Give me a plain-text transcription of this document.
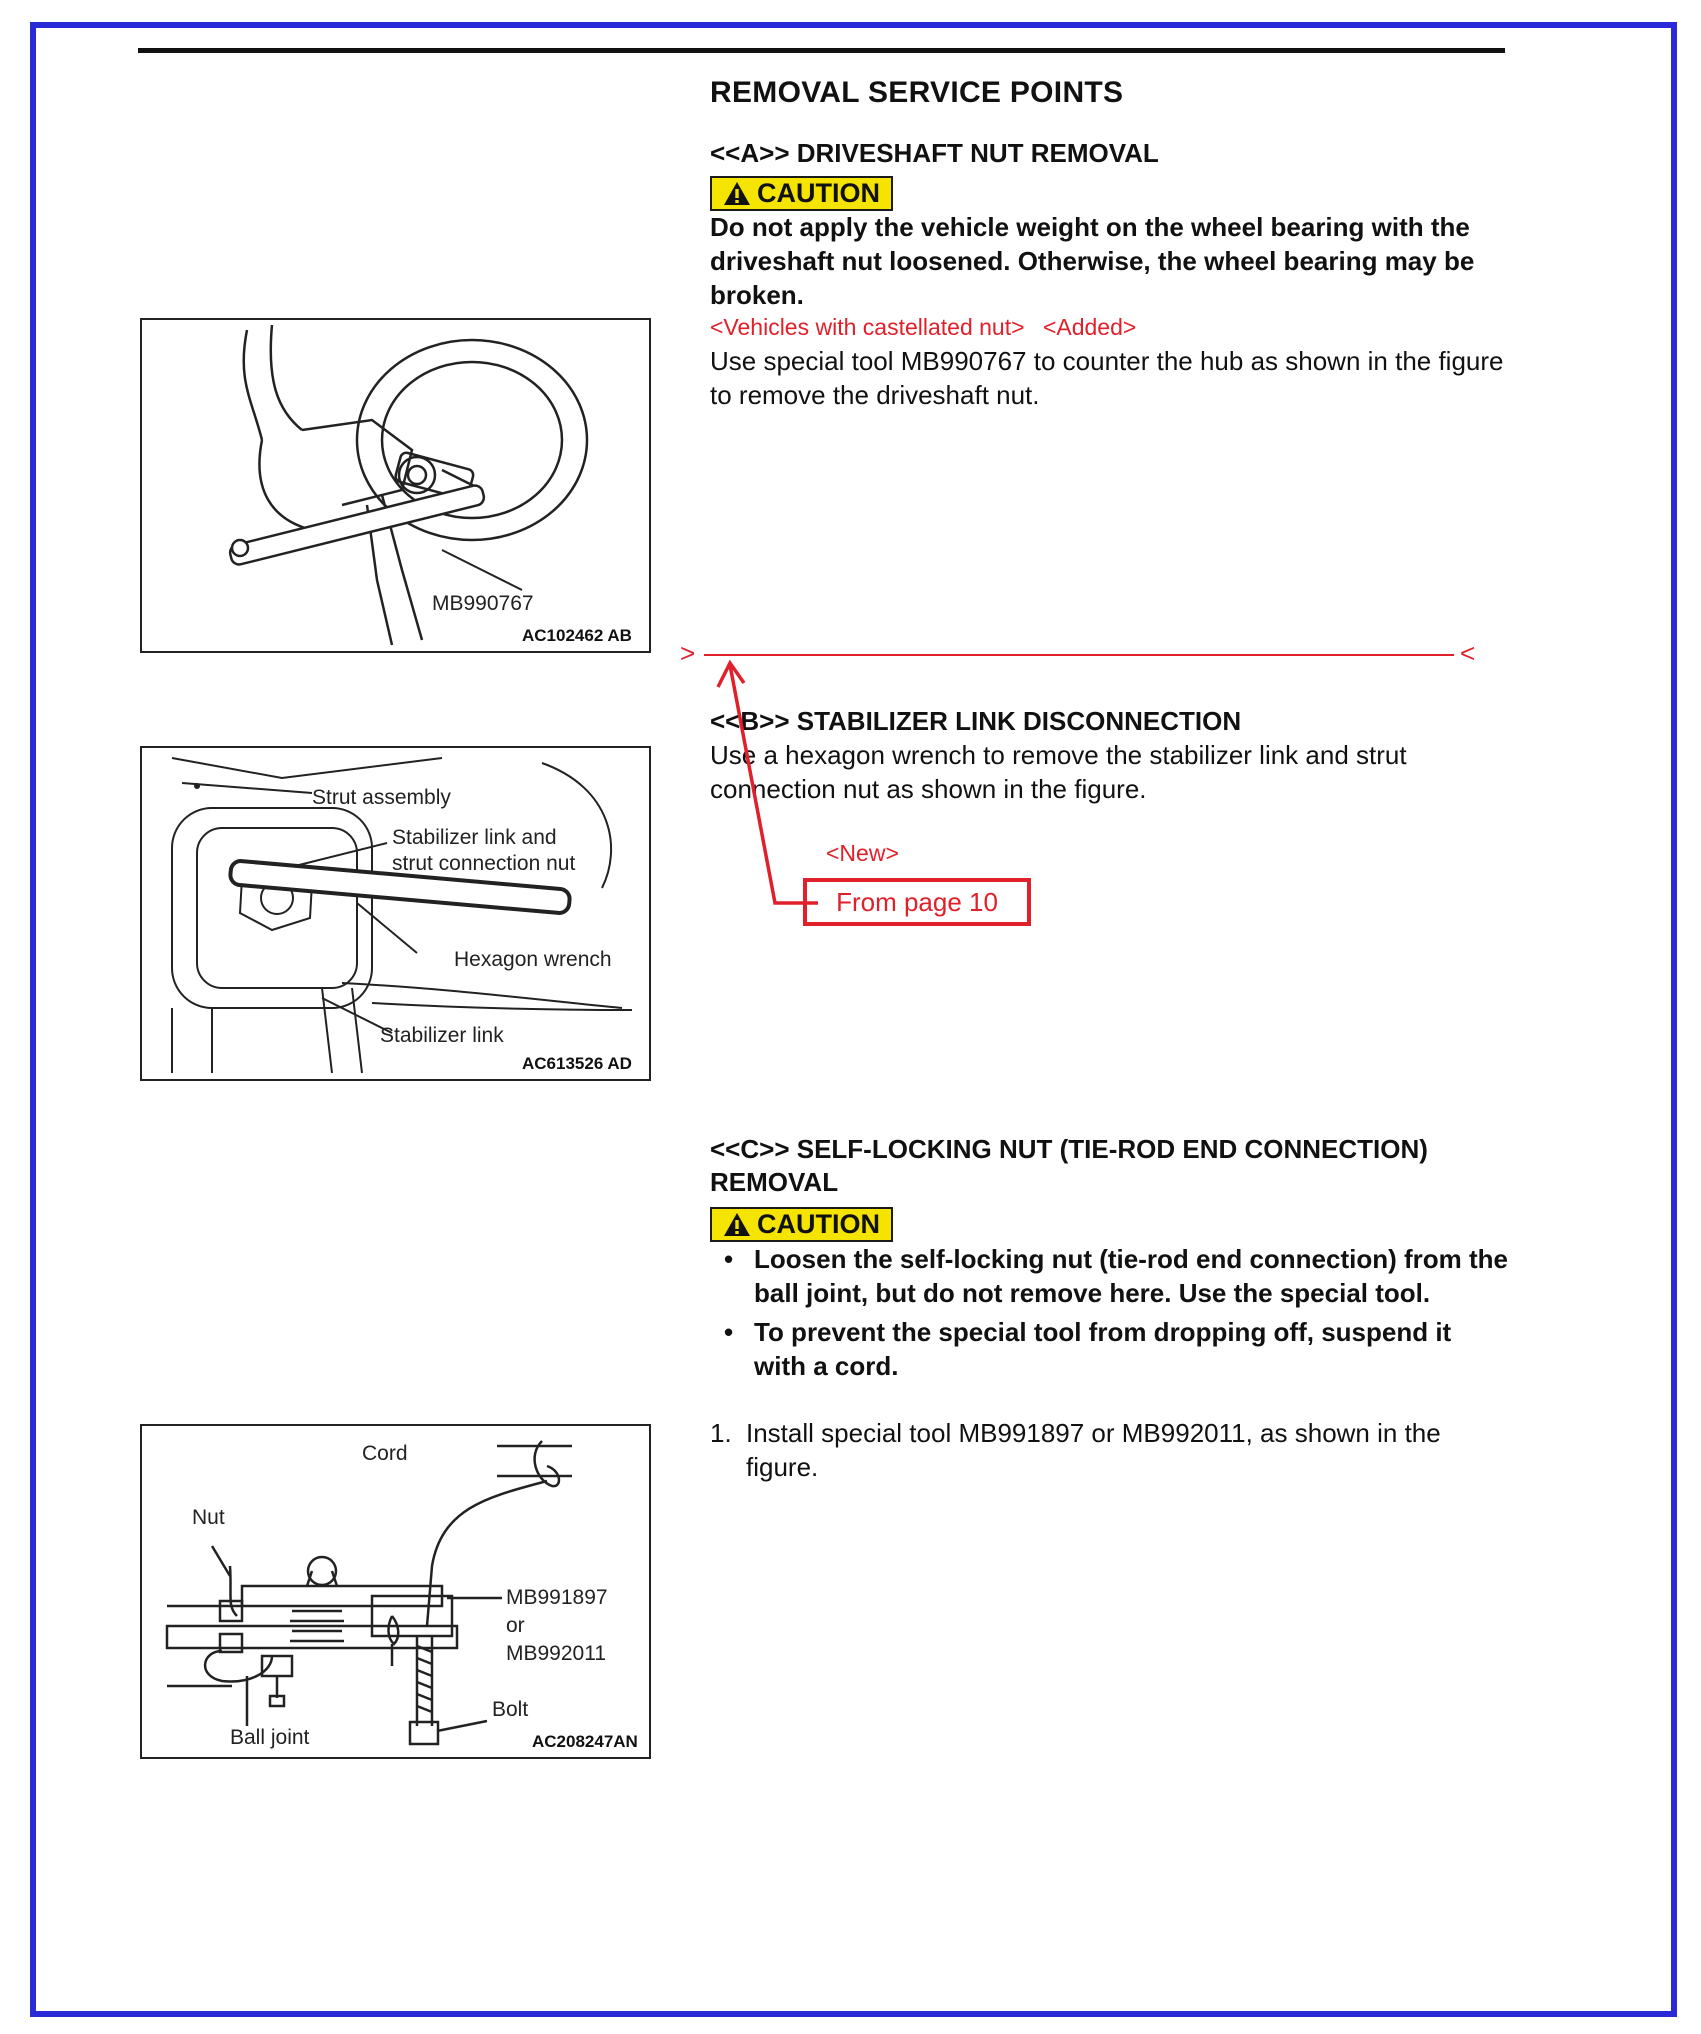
REMOVAL SERVICE POINTS
<<A>> DRIVESHAFT NUT REMOVAL
CAUTION
Do not apply the vehicle weight on the wheel bearing with the driveshaft nut loosened. Otherwise, the wheel bearing may be broken.
<Vehicles with castellated nut> <Added>
Use special tool MB990767 to counter the hub as shown in the figure to remove the driveshaft nut.
MB990767
AC102462 AB
>	<
<<B>> STABILIZER LINK DISCONNECTION
Use a hexagon wrench to remove the stabilizer link and strut connection nut as shown in the figure.
<New>
From page 10
Strut assembly
Stabilizer link and
strut connection nut
Hexagon wrench
Stabilizer link
AC613526 AD
<<C>> SELF-LOCKING NUT (TIE-ROD END CONNECTION)
REMOVAL
CAUTION
• Loosen the self-locking nut (tie-rod end connection) from the ball joint, but do not remove here. Use the special tool.
• To prevent the special tool from dropping off, suspend it with a cord.
1. Install special tool MB991897 or MB992011, as shown in the figure.
Cord
Nut
MB991897
or
MB992011
Bolt
Ball joint	AC208247AN
